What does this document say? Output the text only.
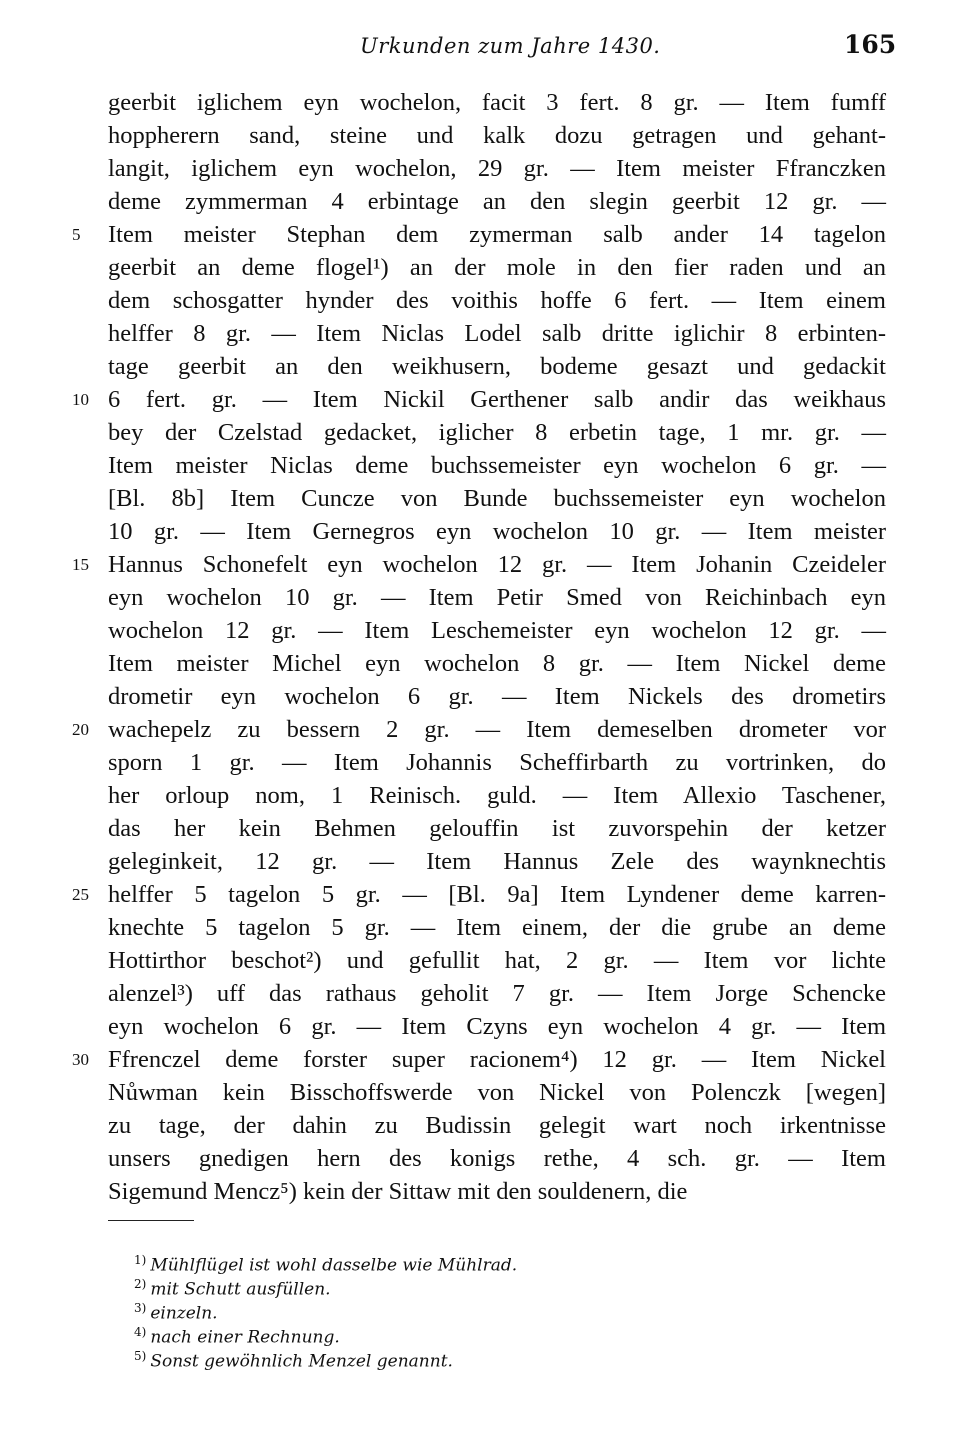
Urkunden zum Jahre 1430.	165
geerbit iglichem eyn wochelon, facit 3 fert. 8 gr. — Item fumff
hoppherern sand, steine und kalk dozu getragen und gehant-
langit, iglichem eyn wochelon, 29 gr. — Item meister Ffranczken
deme zymmerman 4 erbintage an den slegin geerbit 12 gr. —
5	Item meister Stephan dem zymerman salb ander 14 tagelon
geerbit an deme flogel¹) an der mole in den fier raden und an
dem schosgatter hynder des voithis hoffe 6 fert. — Item einem
helffer 8 gr. — Item Niclas Lodel salb dritte iglichir 8 erbinten-
tage geerbit an den weikhusern, bodeme gesazt und gedackit
10 6 fert. gr. — Item Nickil Gerthener salb andir das weikhaus
bey der Czelstad gedacket, iglicher 8 erbetin tage, 1 mr. gr. —
Item meister Niclas deme buchssemeister eyn wochelon 6 gr. —
[Bl. 8b] Item Cuncze von Bunde buchssemeister eyn wochelon
10 gr. — Item Gernegros eyn wochelon 10 gr. — Item meister
15 Hannus Schonefelt eyn wochelon 12 gr. — Item Johanin Czeideler
eyn wochelon 10 gr. — Item Petir Smed von Reichinbach eyn
wochelon 12 gr. — Item Leschemeister eyn wochelon 12 gr. —
Item meister Michel eyn wochelon 8 gr. — Item Nickel deme
drometir eyn wochelon 6 gr. — Item Nickels des drometirs
20 wachepelz zu bessern 2 gr. — Item demeselben drometer vor
sporn 1 gr. — Item Johannis Scheffirbarth zu vortrinken, do
her orloup nom, 1 Reinisch. guld. — Item Allexio Taschener,
das her kein Behmen gelouffin ist zuvorspehin der ketzer
geleginkeit, 12 gr. — Item Hannus Zele des waynknechtis
25 helffer 5 tagelon 5 gr. — [Bl. 9a] Item Lyndener deme karren-
knechte 5 tagelon 5 gr. — Item einem, der die grube an deme
Hottirthor beschot²) und gefullit hat, 2 gr. — Item vor lichte
alenzel³) uff das rathaus geholit 7 gr. — Item Jorge Schencke
eyn wochelon 6 gr. — Item Czyns eyn wochelon 4 gr. — Item
30 Ffrenczel deme forster super racionem⁴) 12 gr. — Item Nickel
Nůwman kein Bisschoffswerde von Nickel von Polenczk [wegen]
zu tage, der dahin zu Budissin gelegit wart noch irkentnisse
unsers gnedigen hern des konigs rethe, 4 sch. gr. — Item
Sigemund Mencz⁵) kein der Sittaw mit den souldenern, die
$^{1)}$ Mühlflügel ist wohl dasselbe wie Mühlrad.
$^{2)}$ mit Schutt ausfüllen.
$^{3)}$ einzeln.
$^{4)}$ nach einer Rechnung.
$^{5)}$ Sonst gewöhnlich Menzel genannt.
